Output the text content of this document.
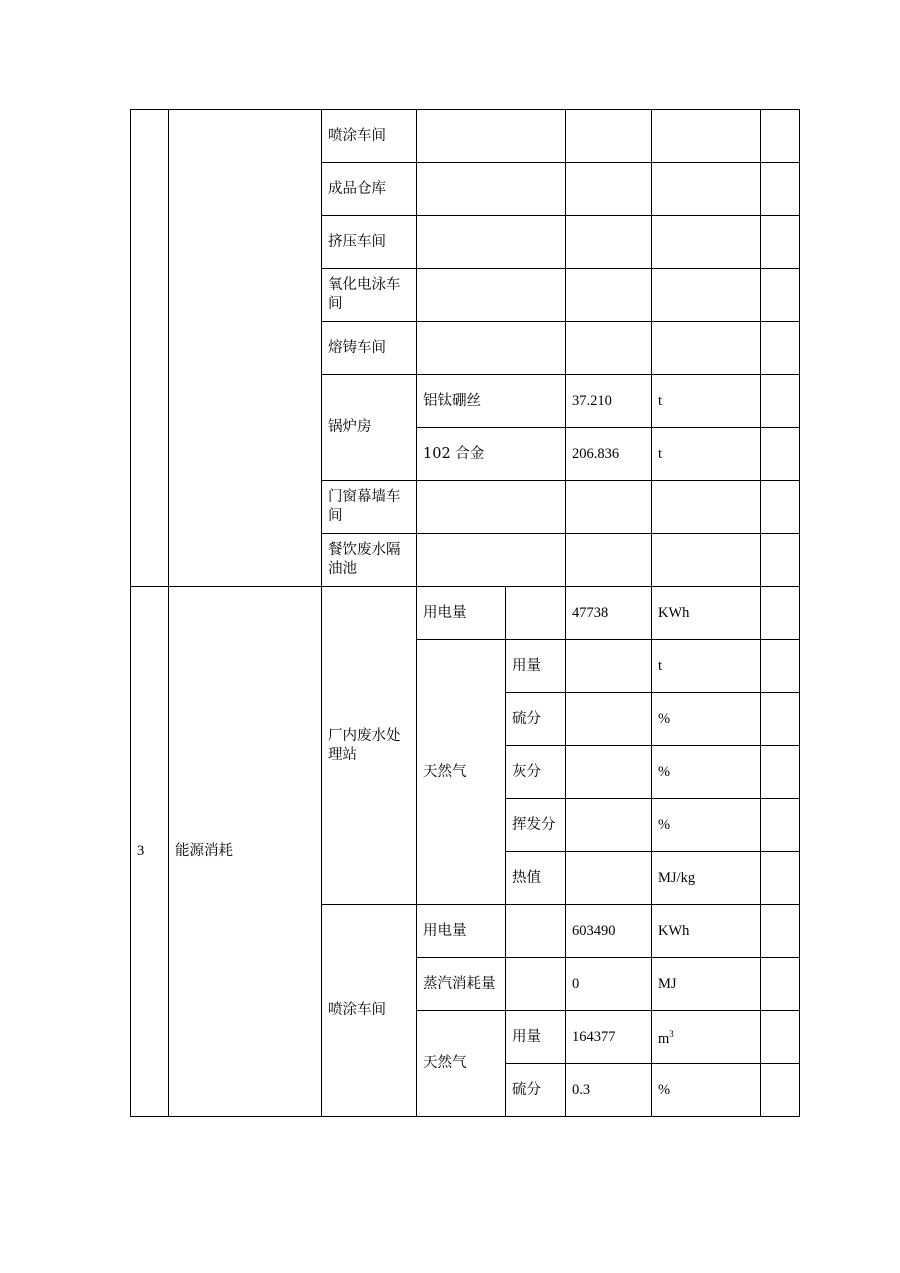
		喷涂车间					
		成品仓库					
		挤压车间					
		氧化电泳车间					
		熔铸车间					
		锅炉房	铝钛硼丝		37.210	t	
			102 合金		206.836	t	
		门窗幕墙车间					
		餐饮废水隔油池					
3	能源消耗	厂内废水处理站	用电量		47738	KWh	
			天然气	用量		t	
				硫分		%	
				灰分		%	
				挥发分		%	
				热值		MJ/kg	
		喷涂车间	用电量		603490	KWh	
			蒸汽消耗量		0	MJ	
			天然气	用量	164377	$m^3$	
				硫分	0.3	%	
